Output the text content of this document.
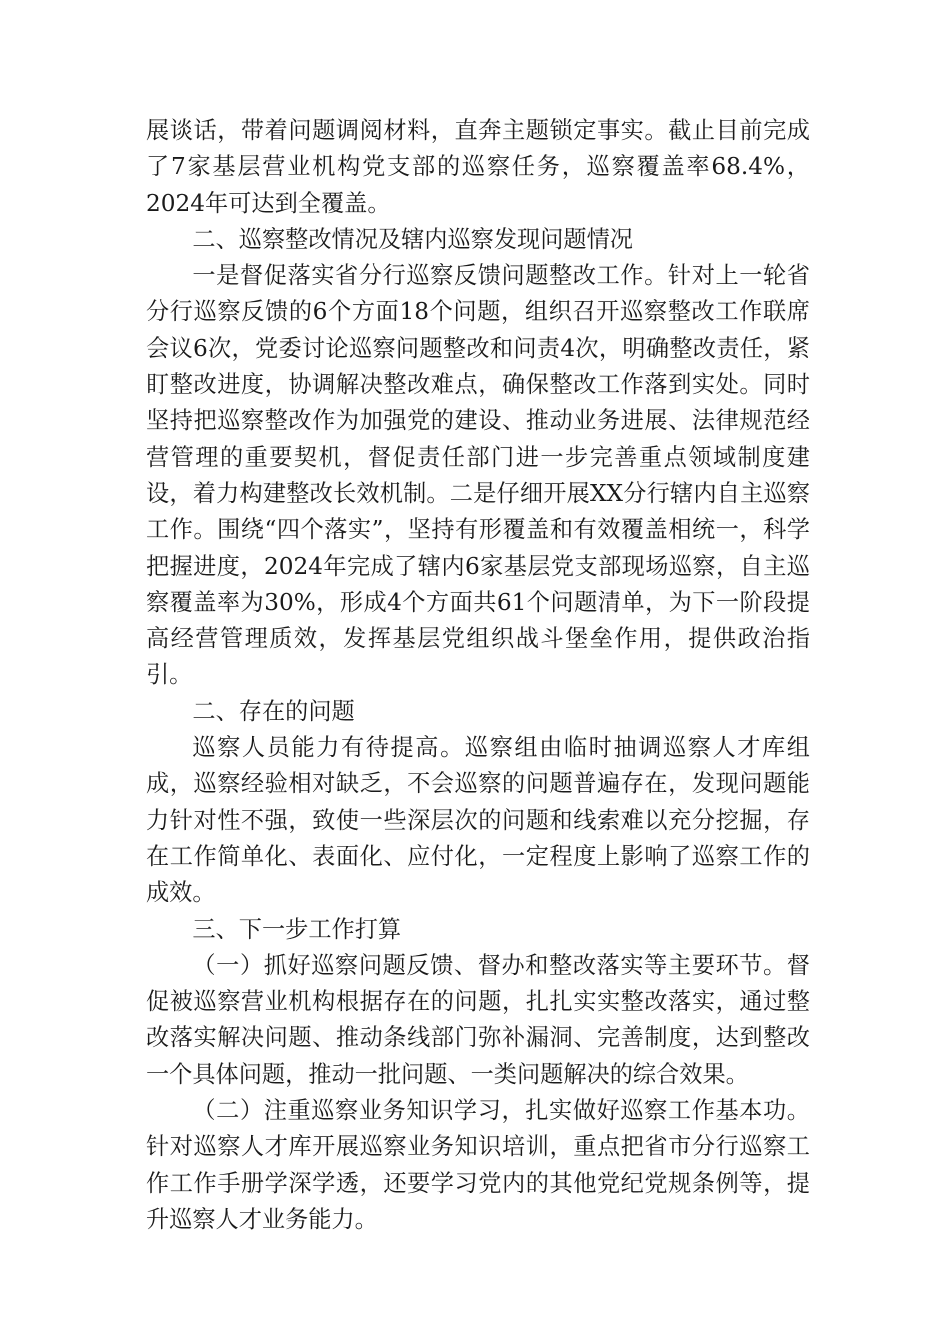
展谈话，带着问题调阅材料，直奔主题锁定事实。截止目前完成了7家基层营业机构党支部的巡察任务，巡察覆盖率68.4%，2024年可达到全覆盖。

二、巡察整改情况及辖内巡察发现问题情况

一是督促落实省分行巡察反馈问题整改工作。针对上一轮省分行巡察反馈的6个方面18个问题，组织召开巡察整改工作联席会议6次，党委讨论巡察问题整改和问责4次，明确整改责任，紧盯整改进度，协调解决整改难点，确保整改工作落到实处。同时坚持把巡察整改作为加强党的建设、推动业务进展、法律规范经营管理的重要契机，督促责任部门进一步完善重点领域制度建设，着力构建整改长效机制。二是仔细开展XX分行辖内自主巡察工作。围绕“四个落实”，坚持有形覆盖和有效覆盖相统一，科学把握进度，2024年完成了辖内6家基层党支部现场巡察，自主巡察覆盖率为30%，形成4个方面共61个问题清单，为下一阶段提高经营管理质效，发挥基层党组织战斗堡垒作用，提供政治指引。

二、存在的问题

巡察人员能力有待提高。巡察组由临时抽调巡察人才库组成，巡察经验相对缺乏，不会巡察的问题普遍存在，发现问题能力针对性不强，致使一些深层次的问题和线索难以充分挖掘，存在工作简单化、表面化、应付化，一定程度上影响了巡察工作的成效。

三、下一步工作打算

（一）抓好巡察问题反馈、督办和整改落实等主要环节。督促被巡察营业机构根据存在的问题，扎扎实实整改落实，通过整改落实解决问题、推动条线部门弥补漏洞、完善制度，达到整改一个具体问题，推动一批问题、一类问题解决的综合效果。

（二）注重巡察业务知识学习，扎实做好巡察工作基本功。针对巡察人才库开展巡察业务知识培训，重点把省市分行巡察工作工作手册学深学透，还要学习党内的其他党纪党规条例等，提升巡察人才业务能力。
